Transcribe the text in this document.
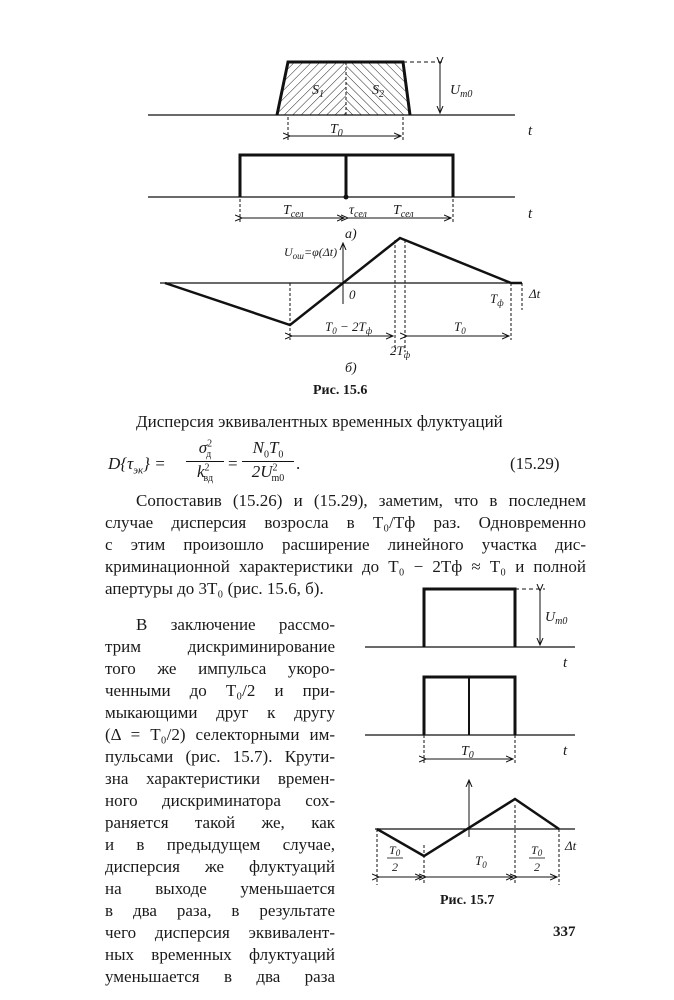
$U_{m0}$
$S_1$	$S_2$
t
$T_0$
$T_{сел}$	$\tau_{сел}$ $T_{сел}$	t
а)
$U_{ош}=\varphi(\Delta t)$
0	$T_ф$
Δt
$T_0 - 2T_ф$	$T_0$
$2T_ф$
б)
Рис. 15.6
Дисперсия эквивалентных временных флуктуаций
$D\{\tau_{эк}\}$ =
$\sigma^2_д$
$k^2_{вд}$
=
$N_0T_0$
$2U^2_{m0}$
.	(15.29)
Сопоставив (15.26) и (15.29), заметим, что в последнем
случае дисперсия возросла в T₀/Tф раз. Одновременно
с этим произошло расширение линейного участка дис-
криминационной характеристики до T₀ − 2Tф ≈ T₀ и полной
апертуры до 3T₀ (рис. 15.6, б).
В заключение рассмо-
трим дискриминирование
того же импульса укоро-
ченными до T₀/2 и при-
мыкающими друг к другу
(Δ = T₀/2) селекторными им-
пульсами (рис. 15.7). Крути-
зна характеристики времен-
ного дискриминатора сох-
раняется такой же, как
и в предыдущем случае,
дисперсия же флуктуаций
на выходе уменьшается
в два раза, в результате
чего дисперсия эквивалент-
ных временных флуктуаций
уменьшается в два раза
$U_{m0}$
t
$T_0$	t
T0
2
T0
2
$T_0$
Δt
Рис. 15.7
337
